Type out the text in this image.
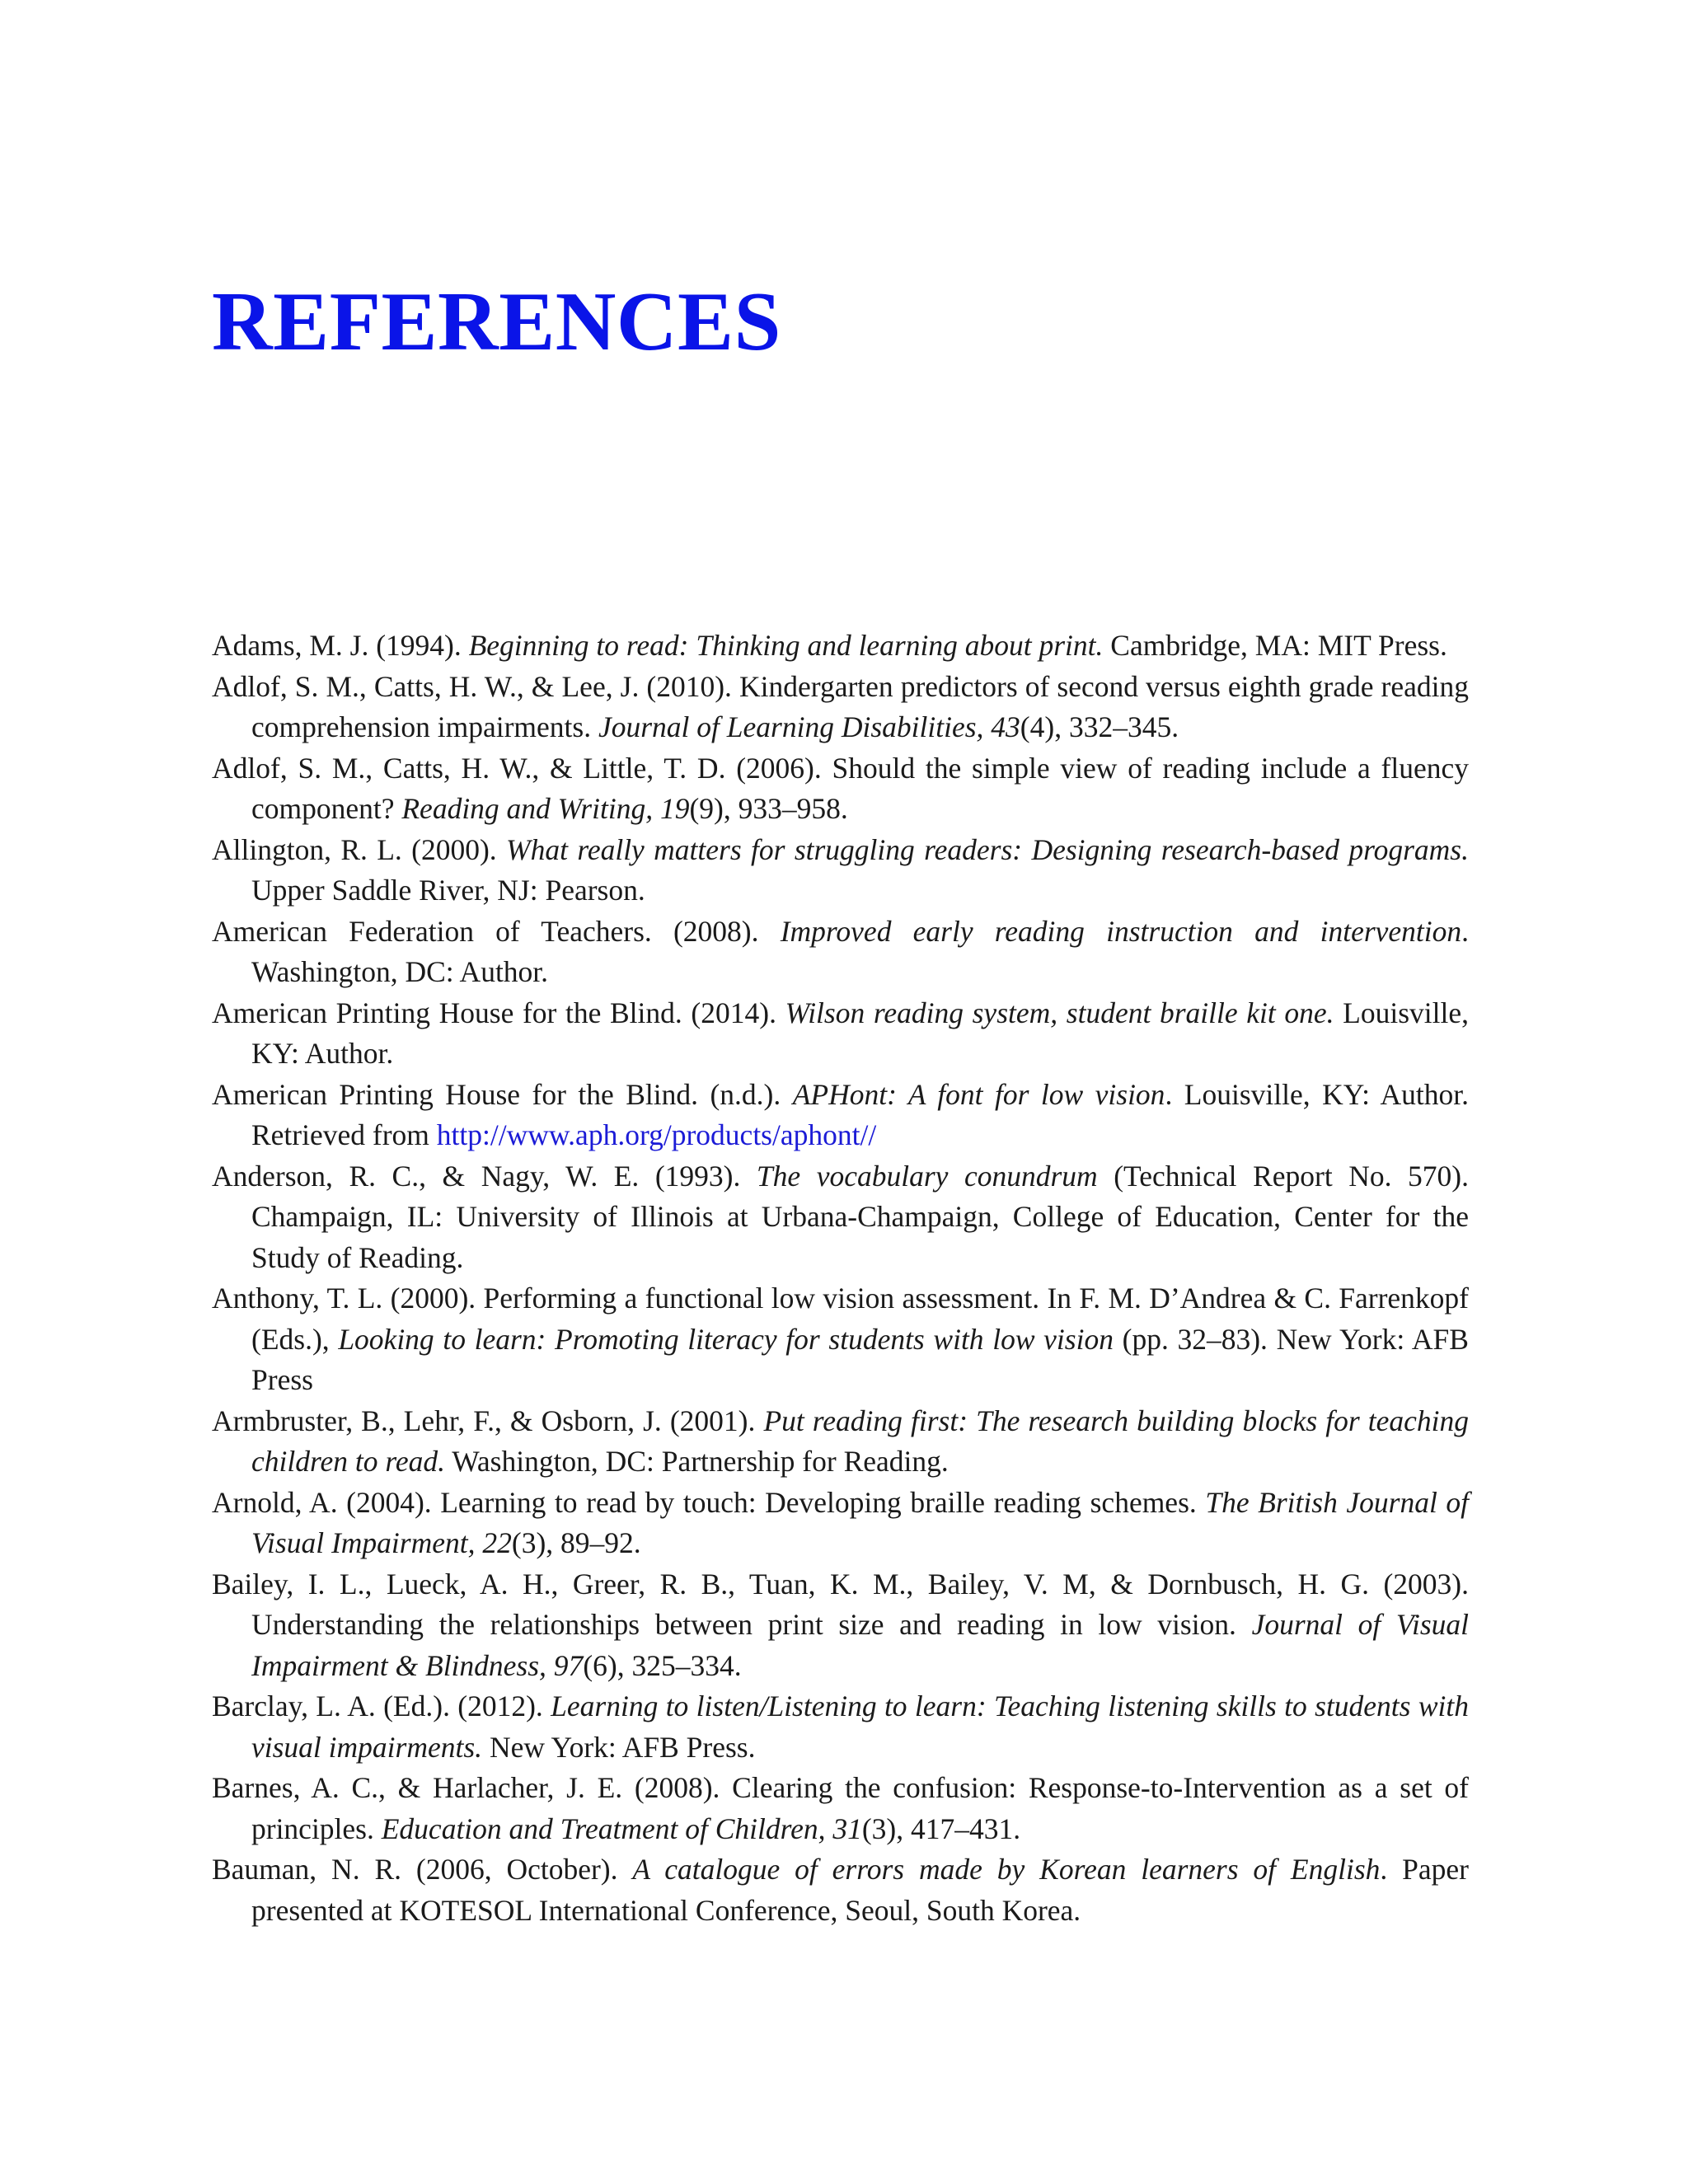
REFERENCES

Adams, M. J. (1994). Beginning to read: Thinking and learning about print. Cambridge, MA: MIT Press.

Adlof, S. M., Catts, H. W., & Lee, J. (2010). Kindergarten predictors of second versus eighth grade reading comprehension impairments. Journal of Learning Disabilities, 43(4), 332–345.

Adlof, S. M., Catts, H. W., & Little, T. D. (2006). Should the simple view of reading include a fluency component? Reading and Writing, 19(9), 933–958.

Allington, R. L. (2000). What really matters for struggling readers: Designing research-based programs. Upper Saddle River, NJ: Pearson.

American Federation of Teachers. (2008). Improved early reading instruction and intervention. Washington, DC: Author.

American Printing House for the Blind. (2014). Wilson reading system, student braille kit one. Louisville, KY: Author.

American Printing House for the Blind. (n.d.). APHont: A font for low vision. Louisville, KY: Author. Retrieved from http://www.aph.org/products/aphont//

Anderson, R. C., & Nagy, W. E. (1993). The vocabulary conundrum (Technical Report No. 570). Champaign, IL: University of Illinois at Urbana-Champaign, College of Education, Center for the Study of Reading.

Anthony, T. L. (2000). Performing a functional low vision assessment. In F. M. D’Andrea & C. Farrenkopf (Eds.), Looking to learn: Promoting literacy for students with low vision (pp. 32–83). New York: AFB Press

Armbruster, B., Lehr, F., & Osborn, J. (2001). Put reading first: The research building blocks for teaching children to read. Washington, DC: Partnership for Reading.

Arnold, A. (2004). Learning to read by touch: Developing braille reading schemes. The British Journal of Visual Impairment, 22(3), 89–92.

Bailey, I. L., Lueck, A. H., Greer, R. B., Tuan, K. M., Bailey, V. M, & Dornbusch, H. G. (2003). Understanding the relationships between print size and reading in low vision. Journal of Visual Impairment & Blindness, 97(6), 325–334.

Barclay, L. A. (Ed.). (2012). Learning to listen/Listening to learn: Teaching listening skills to students with visual impairments. New York: AFB Press.

Barnes, A. C., & Harlacher, J. E. (2008). Clearing the confusion: Response-to-Intervention as a set of principles. Education and Treatment of Children, 31(3), 417–431.

Bauman, N. R. (2006, October). A catalogue of errors made by Korean learners of English. Paper presented at KOTESOL International Conference, Seoul, South Korea.
